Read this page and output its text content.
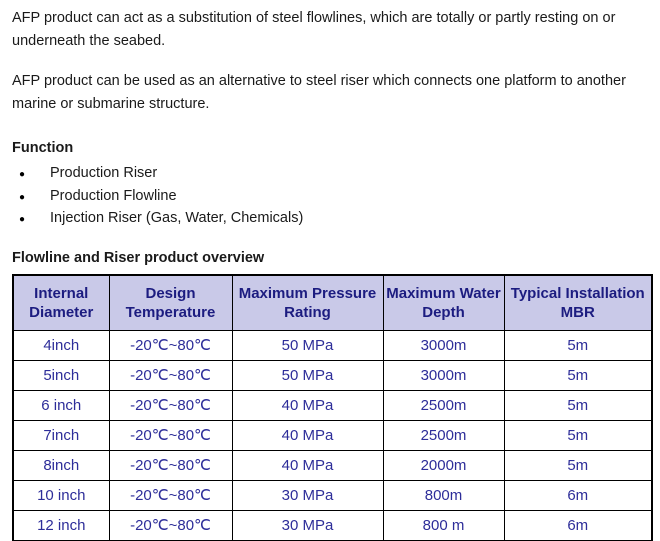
AFP product can act as a substitution of steel flowlines, which are totally or partly resting on or underneath the seabed.

AFP product can be used as an alternative to steel riser which connects one platform to another marine or submarine structure.

Function
●	Production Riser
●	Production Flowline
●	Injection Riser (Gas, Water, Chemicals)
Flowline and Riser product overview
Internal Diameter	Design Temperature	Maximum Pressure Rating	Maximum Water Depth	Typical Installation MBR
4inch	-20℃~80℃	50 MPa	3000m	5m
5inch	-20℃~80℃	50 MPa	3000m	5m
6 inch	-20℃~80℃	40 MPa	2500m	5m
7inch	-20℃~80℃	40 MPa	2500m	5m
8inch	-20℃~80℃	40 MPa	2000m	5m
10 inch	-20℃~80℃	30 MPa	800m	6m
12 inch	-20℃~80℃	30 MPa	800 m	6m
